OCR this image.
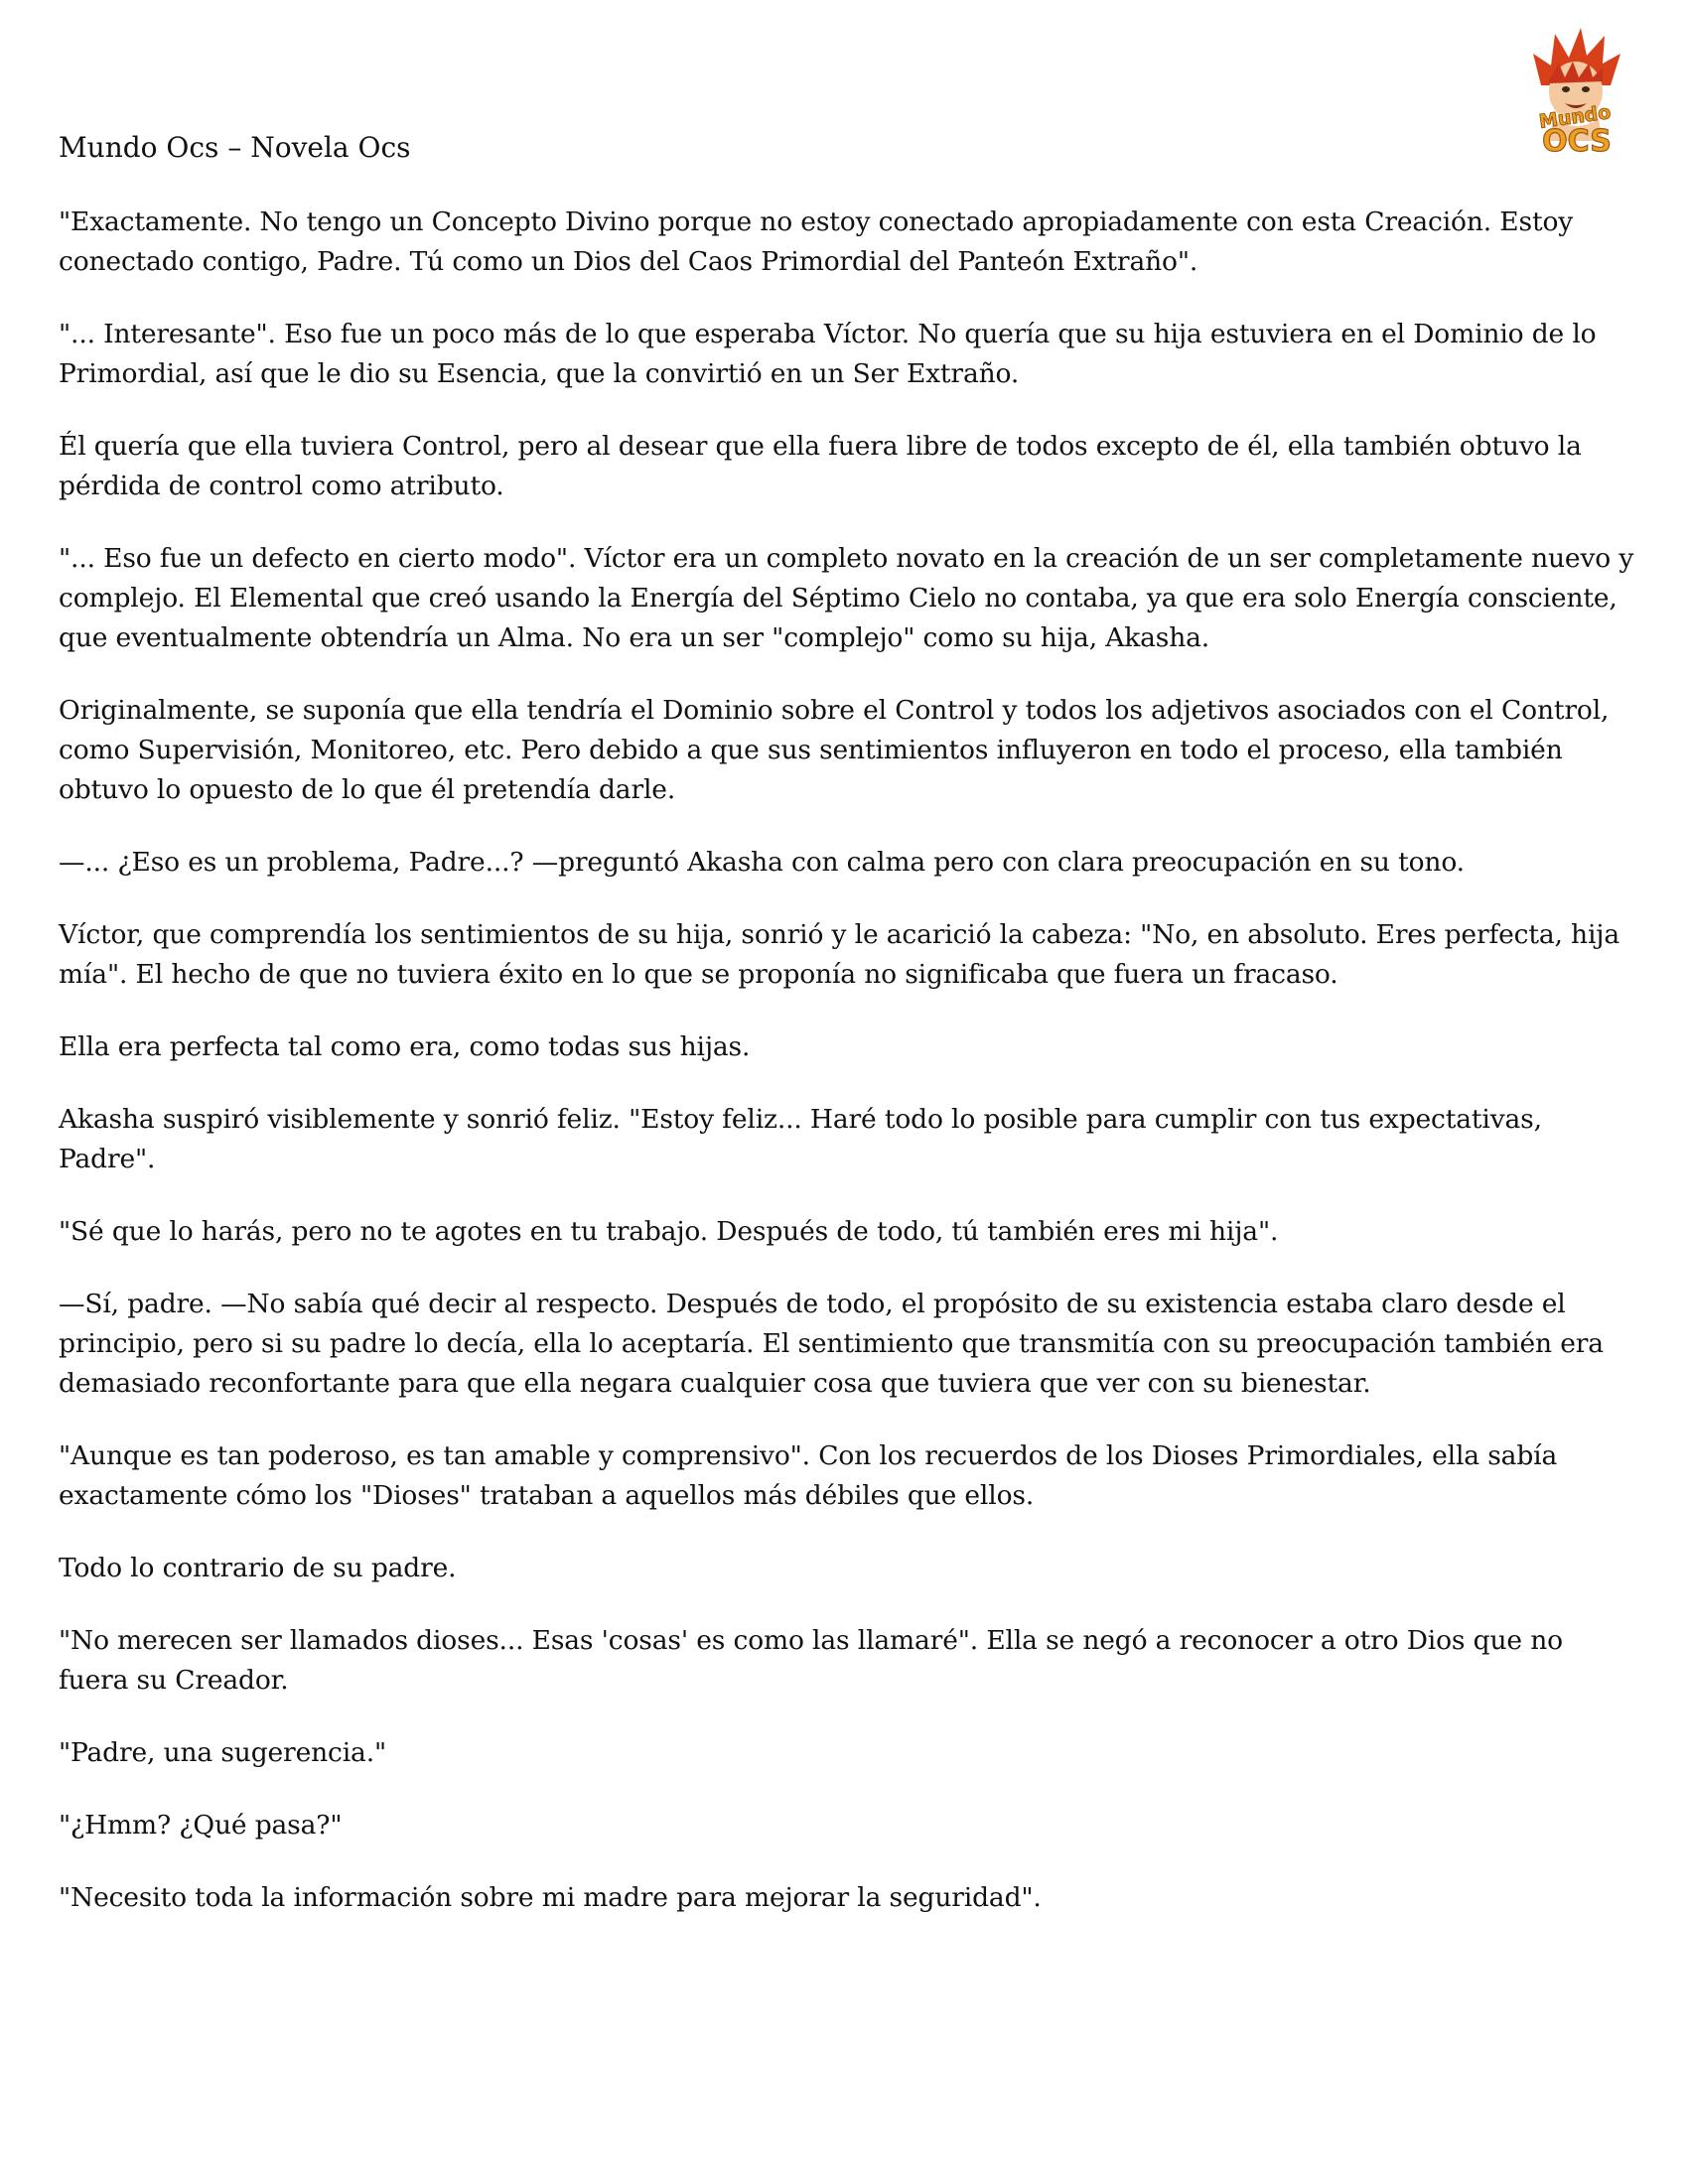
Mundo
OCS
Mundo Ocs – Novela Ocs

"Exactamente. No tengo un Concepto Divino porque no estoy conectado apropiadamente con esta Creación. Estoy conectado contigo, Padre. Tú como un Dios del Caos Primordial del Panteón Extraño".

"... Interesante". Eso fue un poco más de lo que esperaba Víctor. No quería que su hija estuviera en el Dominio de lo Primordial, así que le dio su Esencia, que la convirtió en un Ser Extraño.

Él quería que ella tuviera Control, pero al desear que ella fuera libre de todos excepto de él, ella también obtuvo la pérdida de control como atributo.

"... Eso fue un defecto en cierto modo". Víctor era un completo novato en la creación de un ser completamente nuevo y complejo. El Elemental que creó usando la Energía del Séptimo Cielo no contaba, ya que era solo Energía consciente, que eventualmente obtendría un Alma. No era un ser "complejo" como su hija, Akasha.

Originalmente, se suponía que ella tendría el Dominio sobre el Control y todos los adjetivos asociados con el Control, como Supervisión, Monitoreo, etc. Pero debido a que sus sentimientos influyeron en todo el proceso, ella también obtuvo lo opuesto de lo que él pretendía darle.

—... ¿Eso es un problema, Padre...? —preguntó Akasha con calma pero con clara preocupación en su tono.

Víctor, que comprendía los sentimientos de su hija, sonrió y le acarició la cabeza: "No, en absoluto. Eres perfecta, hija mía". El hecho de que no tuviera éxito en lo que se proponía no significaba que fuera un fracaso.

Ella era perfecta tal como era, como todas sus hijas.

Akasha suspiró visiblemente y sonrió feliz. "Estoy feliz... Haré todo lo posible para cumplir con tus expectativas, Padre".

"Sé que lo harás, pero no te agotes en tu trabajo. Después de todo, tú también eres mi hija".

—Sí, padre. —No sabía qué decir al respecto. Después de todo, el propósito de su existencia estaba claro desde el principio, pero si su padre lo decía, ella lo aceptaría. El sentimiento que transmitía con su preocupación también era demasiado reconfortante para que ella negara cualquier cosa que tuviera que ver con su bienestar.

"Aunque es tan poderoso, es tan amable y comprensivo". Con los recuerdos de los Dioses Primordiales, ella sabía exactamente cómo los "Dioses" trataban a aquellos más débiles que ellos.

Todo lo contrario de su padre.

"No merecen ser llamados dioses... Esas 'cosas' es como las llamaré". Ella se negó a reconocer a otro Dios que no fuera su Creador.

"Padre, una sugerencia."

"¿Hmm? ¿Qué pasa?"

"Necesito toda la información sobre mi madre para mejorar la seguridad".
